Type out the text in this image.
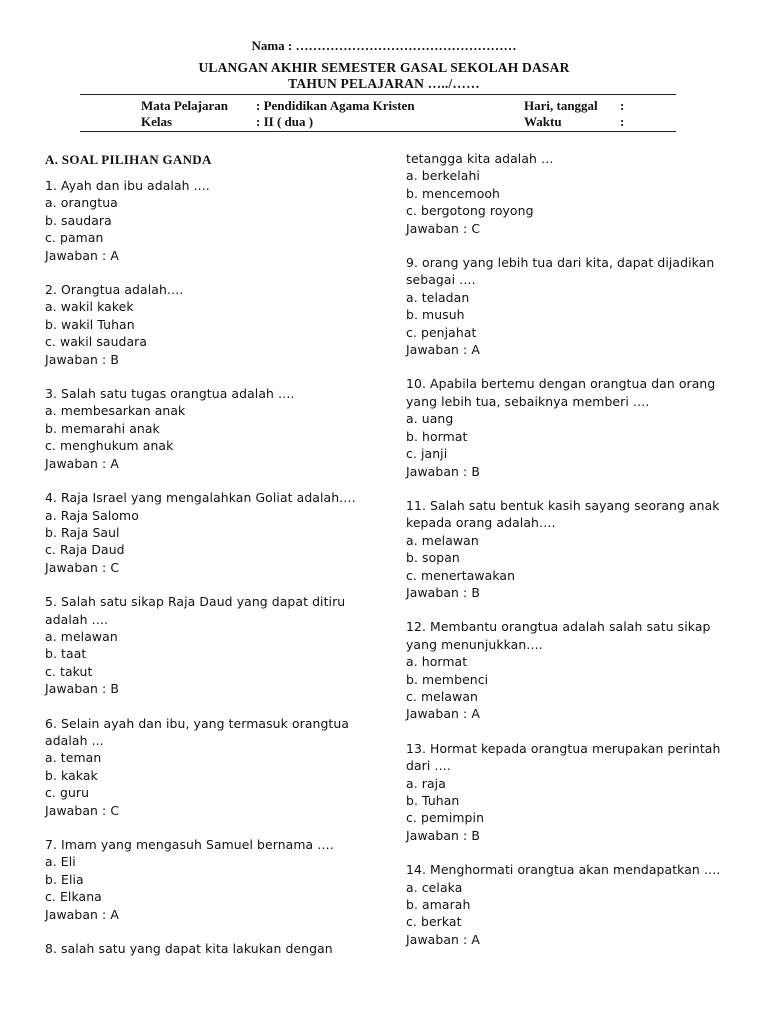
Nama : ……………………………………………
ULANGAN AKHIR SEMESTER GASAL SEKOLAH DASAR
TAHUN PELAJARAN …../……
Mata Pelajaran : Pendidikan Agama Kristen	Hari, tanggal :
Kelas	: II ( dua )	Waktu	:
A. SOAL PILIHAN GANDA
1. Ayah dan ibu adalah ....
a. orangtua
b. saudara
c. paman
Jawaban : A
2. Orangtua adalah….
a. wakil kakek
b. wakil Tuhan
c. wakil saudara
Jawaban : B
3. Salah satu tugas orangtua adalah ….
a. membesarkan anak
b. memarahi anak
c. menghukum anak
Jawaban : A
4. Raja Israel yang mengalahkan Goliat adalah….
a. Raja Salomo
b. Raja Saul
c. Raja Daud
Jawaban : C
5. Salah satu sikap Raja Daud yang dapat ditiru
adalah ….
a. melawan
b. taat
c. takut
Jawaban : B
6. Selain ayah dan ibu, yang termasuk orangtua
adalah ...
a. teman
b. kakak
c. guru
Jawaban : C
7. Imam yang mengasuh Samuel bernama ….
a. Eli
b. Elia
c. Elkana
Jawaban : A
8. salah satu yang dapat kita lakukan dengan
tetangga kita adalah …
a. berkelahi
b. mencemooh
c. bergotong royong
Jawaban : C
9. orang yang lebih tua dari kita, dapat dijadikan
sebagai ….
a. teladan
b. musuh
c. penjahat
Jawaban : A
10. Apabila bertemu dengan orangtua dan orang
yang lebih tua, sebaiknya memberi ….
a. uang
b. hormat
c. janji
Jawaban : B
11. Salah satu bentuk kasih sayang seorang anak
kepada orang adalah….
a. melawan
b. sopan
c. menertawakan
Jawaban : B
12. Membantu orangtua adalah salah satu sikap
yang menunjukkan….
a. hormat
b. membenci
c. melawan
Jawaban : A
13. Hormat kepada orangtua merupakan perintah
dari ….
a. raja
b. Tuhan
c. pemimpin
Jawaban : B
14. Menghormati orangtua akan mendapatkan ….
a. celaka
b. amarah
c. berkat
Jawaban : A
